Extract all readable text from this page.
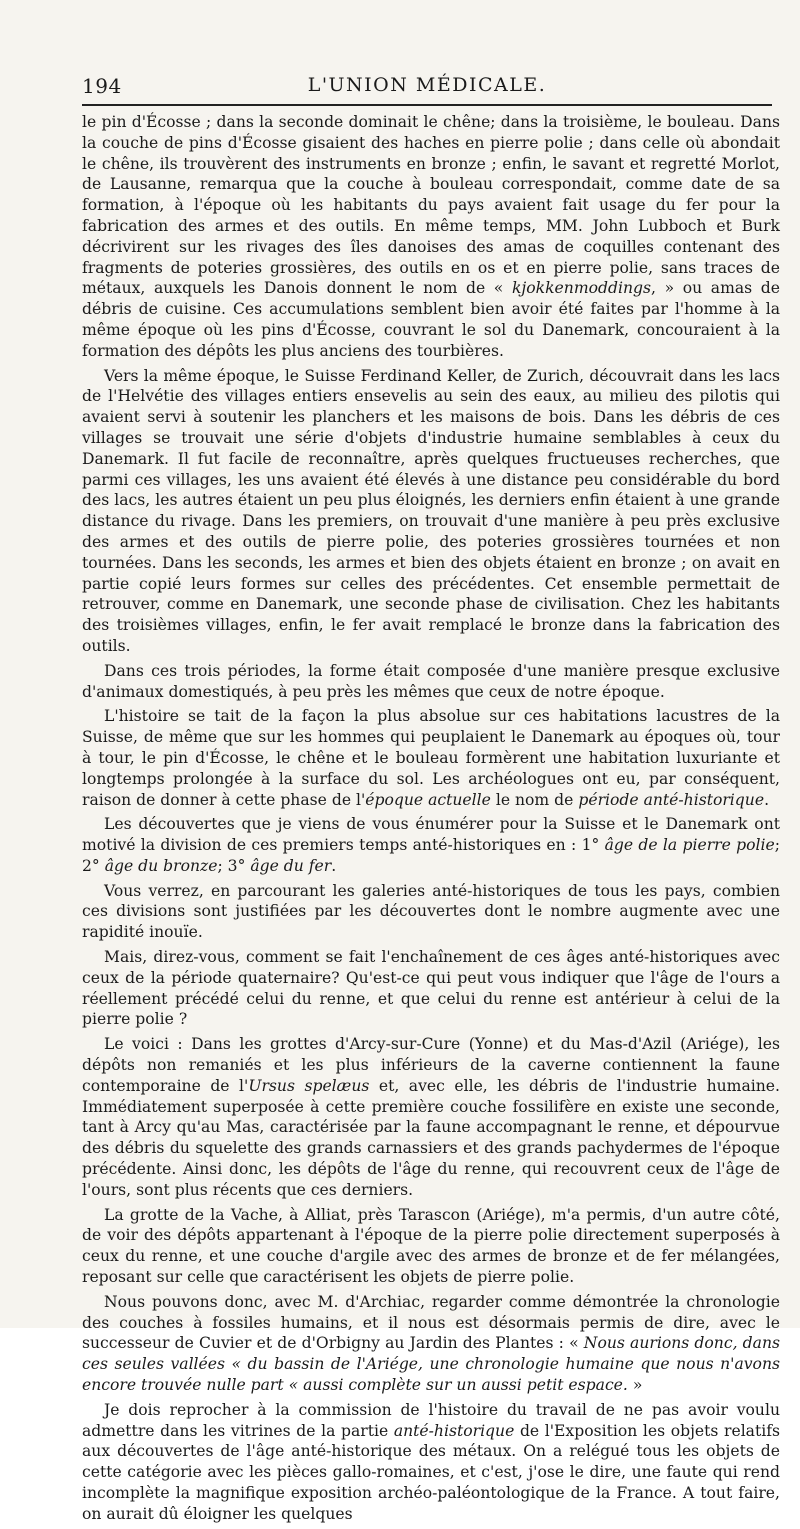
194	L'UNION MÉDICALE.

le pin d'Écosse ; dans la seconde dominait le chêne; dans la troisième, le bouleau. Dans la couche de pins d'Écosse gisaient des haches en pierre polie ; dans celle où abondait le chêne, ils trouvèrent des instruments en bronze ; enfin, le savant et regretté Morlot, de Lausanne, remarqua que la couche à bouleau correspondait, comme date de sa formation, à l'époque où les habitants du pays avaient fait usage du fer pour la fabrication des armes et des outils. En même temps, MM. John Lubboch et Burk décrivirent sur les rivages des îles danoises des amas de coquilles contenant des fragments de poteries grossières, des outils en os et en pierre polie, sans traces de métaux, auxquels les Danois donnent le nom de « kjokkenmoddings, » ou amas de débris de cuisine. Ces accumulations semblent bien avoir été faites par l'homme à la même époque où les pins d'Écosse, couvrant le sol du Danemark, concouraient à la formation des dépôts les plus anciens des tourbières.

Vers la même époque, le Suisse Ferdinand Keller, de Zurich, découvrait dans les lacs de l'Helvétie des villages entiers ensevelis au sein des eaux, au milieu des pilotis qui avaient servi à soutenir les planchers et les maisons de bois. Dans les débris de ces villages se trouvait une série d'objets d'industrie humaine semblables à ceux du Danemark. Il fut facile de reconnaître, après quelques fructueuses recherches, que parmi ces villages, les uns avaient été élevés à une distance peu considérable du bord des lacs, les autres étaient un peu plus éloignés, les derniers enfin étaient à une grande distance du rivage. Dans les premiers, on trouvait d'une manière à peu près exclusive des armes et des outils de pierre polie, des poteries grossières tournées et non tournées. Dans les seconds, les armes et bien des objets étaient en bronze ; on avait en partie copié leurs formes sur celles des précédentes. Cet ensemble permettait de retrouver, comme en Danemark, une seconde phase de civilisation. Chez les habitants des troisièmes villages, enfin, le fer avait remplacé le bronze dans la fabrication des outils.

Dans ces trois périodes, la forme était composée d'une manière presque exclusive d'animaux domestiqués, à peu près les mêmes que ceux de notre époque.

L'histoire se tait de la façon la plus absolue sur ces habitations lacustres de la Suisse, de même que sur les hommes qui peuplaient le Danemark au époques où, tour à tour, le pin d'Écosse, le chêne et le bouleau formèrent une habitation luxuriante et longtemps prolongée à la surface du sol. Les archéologues ont eu, par conséquent, raison de donner à cette phase de l'époque actuelle le nom de période anté-historique.

Les découvertes que je viens de vous énumérer pour la Suisse et le Danemark ont motivé la division de ces premiers temps anté-historiques en : 1° âge de la pierre polie; 2° âge du bronze; 3° âge du fer.

Vous verrez, en parcourant les galeries anté-historiques de tous les pays, combien ces divisions sont justifiées par les découvertes dont le nombre augmente avec une rapidité inouïe.

Mais, direz-vous, comment se fait l'enchaînement de ces âges anté-historiques avec ceux de la période quaternaire? Qu'est-ce qui peut vous indiquer que l'âge de l'ours a réellement précédé celui du renne, et que celui du renne est antérieur à celui de la pierre polie ?

Le voici : Dans les grottes d'Arcy-sur-Cure (Yonne) et du Mas-d'Azil (Ariége), les dépôts non remaniés et les plus inférieurs de la caverne contiennent la faune contemporaine de l'Ursus spelæus et, avec elle, les débris de l'industrie humaine. Immédiatement superposée à cette première couche fossilifère en existe une seconde, tant à Arcy qu'au Mas, caractérisée par la faune accompagnant le renne, et dépourvue des débris du squelette des grands carnassiers et des grands pachydermes de l'époque précédente. Ainsi donc, les dépôts de l'âge du renne, qui recouvrent ceux de l'âge de l'ours, sont plus récents que ces derniers.

La grotte de la Vache, à Alliat, près Tarascon (Ariége), m'a permis, d'un autre côté, de voir des dépôts appartenant à l'époque de la pierre polie directement superposés à ceux du renne, et une couche d'argile avec des armes de bronze et de fer mélangées, reposant sur celle que caractérisent les objets de pierre polie.

Nous pouvons donc, avec M. d'Archiac, regarder comme démontrée la chronologie des couches à fossiles humains, et il nous est désormais permis de dire, avec le successeur de Cuvier et de d'Orbigny au Jardin des Plantes : « Nous aurions donc, dans ces seules vallées « du bassin de l'Ariége, une chronologie humaine que nous n'avons encore trouvée nulle part « aussi complète sur un aussi petit espace. »

Je dois reprocher à la commission de l'histoire du travail de ne pas avoir voulu admettre dans les vitrines de la partie anté-historique de l'Exposition les objets relatifs aux découvertes de l'âge anté-historique des métaux. On a relégué tous les objets de cette catégorie avec les pièces gallo-romaines, et c'est, j'ose le dire, une faute qui rend incomplète la magnifique exposition archéo-paléontologique de la France. A tout faire, on aurait dû éloigner les quelques
